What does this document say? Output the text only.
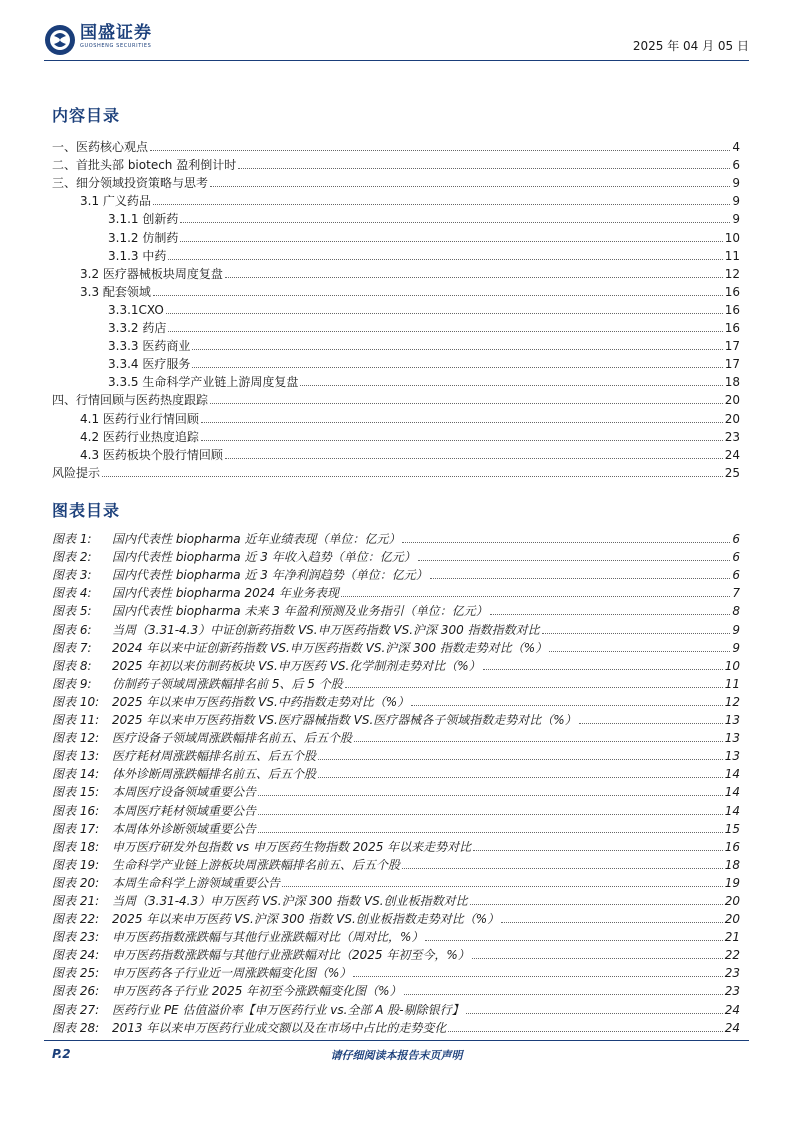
国盛证券
GUOSHENG SECURITIES	2025 年 04 月 05 日
内容目录
一、医药核心观点	4
二、首批头部 biotech 盈利倒计时	6
三、细分领域投资策略与思考	9
3.1 广义药品	9
3.1.1 创新药	9
3.1.2 仿制药	10
3.1.3 中药	11
3.2 医疗器械板块周度复盘	12
3.3 配套领域	16
3.3.1CXO	16
3.3.2 药店	16
3.3.3 医药商业	17
3.3.4 医疗服务	17
3.3.5 生命科学产业链上游周度复盘	18
四、行情回顾与医药热度跟踪	20
4.1 医药行业行情回顾	20
4.2 医药行业热度追踪	23
4.3 医药板块个股行情回顾	24
风险提示	25
图表目录
图表 1:	国内代表性 biopharma 近年业绩表现（单位：亿元）	6
图表 2:	国内代表性 biopharma 近 3 年收入趋势（单位：亿元）	6
图表 3:	国内代表性 biopharma 近 3 年净利润趋势（单位：亿元）	6
图表 4:	国内代表性 biopharma 2024 年业务表现	7
图表 5:	国内代表性 biopharma 未来 3 年盈利预测及业务指引（单位：亿元）	8
图表 6:	当周（3.31-4.3）中证创新药指数 VS.申万医药指数 VS.沪深 300 指数指数对比	9
图表 7:	2024 年以来中证创新药指数 VS.申万医药指数 VS.沪深 300 指数走势对比（%）	9
图表 8:	2025 年初以来仿制药板块 VS.申万医药 VS.化学制剂走势对比（%）	10
图表 9:	仿制药子领域周涨跌幅排名前 5、后 5 个股	11
图表 10:	2025 年以来申万医药指数 VS.中药指数走势对比（%）	12
图表 11:	2025 年以来申万医药指数 VS.医疗器械指数 VS.医疗器械各子领域指数走势对比（%）	13
图表 12:	医疗设备子领域周涨跌幅排名前五、后五个股	13
图表 13:	医疗耗材周涨跌幅排名前五、后五个股	13
图表 14:	体外诊断周涨跌幅排名前五、后五个股	14
图表 15:	本周医疗设备领域重要公告	14
图表 16:	本周医疗耗材领域重要公告	14
图表 17:	本周体外诊断领域重要公告	15
图表 18:	申万医疗研发外包指数 vs 申万医药生物指数 2025 年以来走势对比	16
图表 19:	生命科学产业链上游板块周涨跌幅排名前五、后五个股	18
图表 20:	本周生命科学上游领域重要公告	19
图表 21:	当周（3.31-4.3）申万医药 VS.沪深 300 指数 VS.创业板指数对比	20
图表 22:	2025 年以来申万医药 VS.沪深 300 指数 VS.创业板指数走势对比（%）	20
图表 23:	申万医药指数涨跌幅与其他行业涨跌幅对比（周对比，%）	21
图表 24:	申万医药指数涨跌幅与其他行业涨跌幅对比（2025 年初至今，%）	22
图表 25:	申万医药各子行业近一周涨跌幅变化图（%）	23
图表 26:	申万医药各子行业 2025 年初至今涨跌幅变化图（%）	23
图表 27:	医药行业 PE 估值溢价率【申万医药行业 vs.全部 A 股-剔除银行】	24
图表 28:	2013 年以来申万医药行业成交额以及在市场中占比的走势变化	24
P.2	请仔细阅读本报告末页声明
